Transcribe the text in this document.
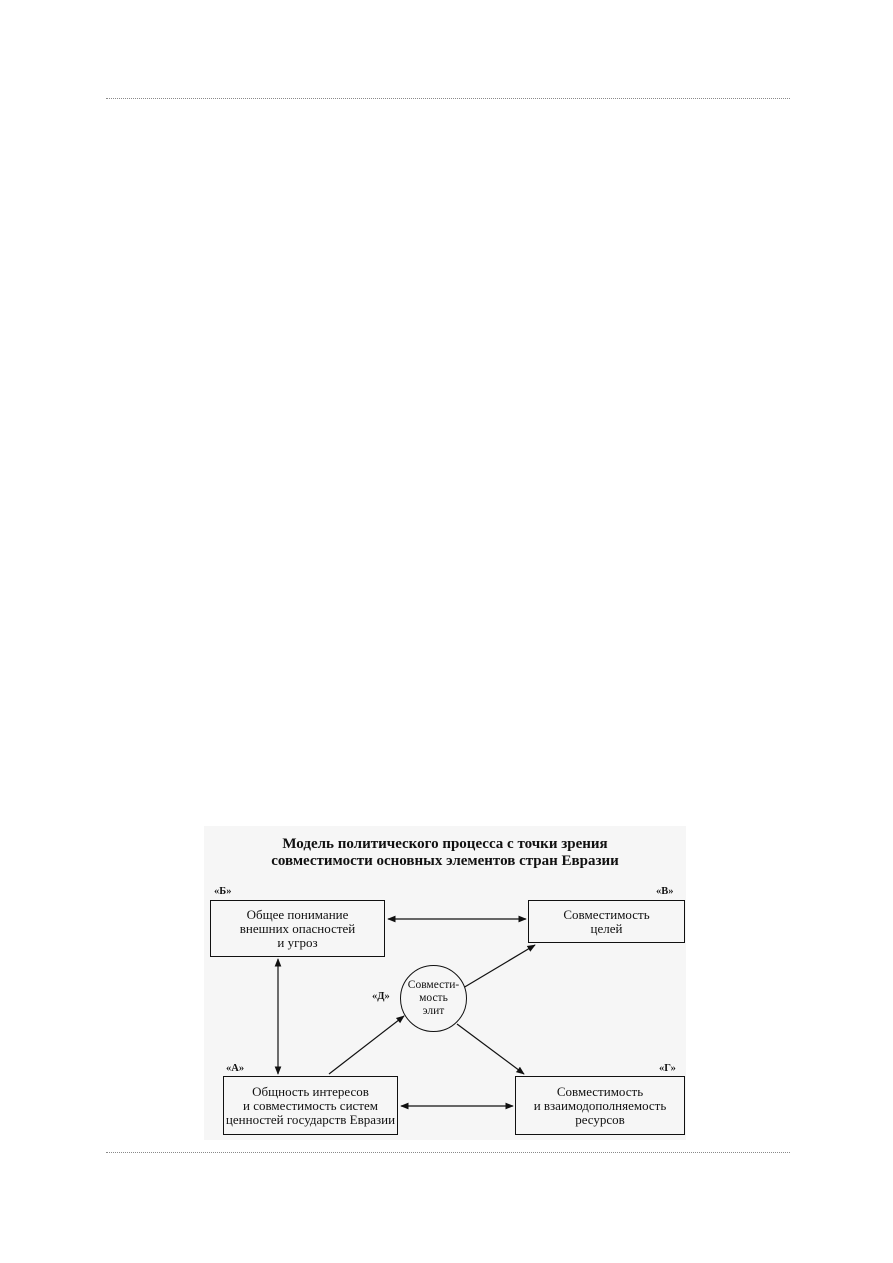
Модель политического процесса с точки зрения
совместимости основных элементов стран Евразии
«Б»
Общее понимание
внешних опасностей
и угроз
«В»
Совместимость
целей
«Д»
Совмести-
мость
элит
«А»
Общность интересов
и совместимость систем
ценностей государств Евразии
«Г»
Совместимость
и взаимодополняемость
ресурсов
